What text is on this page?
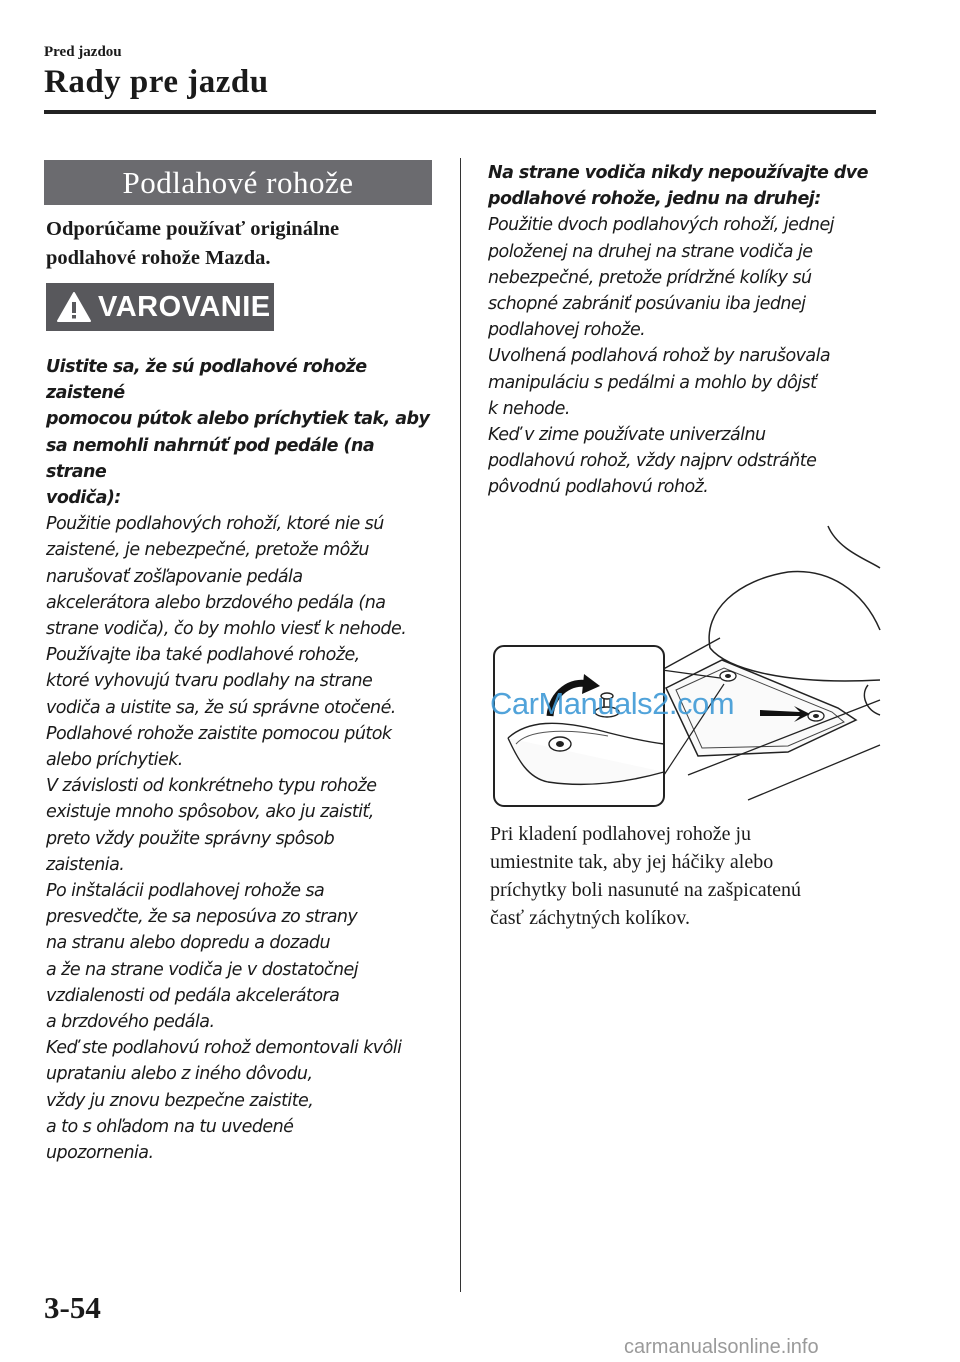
Pred jazdou
Rady pre jazdu
Podlahové rohože
Odporúčame používať originálne
podlahové rohože Mazda.
VAROVANIE

Uistite sa, že sú podlahové rohože zaistené

pomocou pútok alebo príchytiek tak, aby

sa nemohli nahrnúť pod pedále (na strane

vodiča):

Použitie podlahových rohoží, ktoré nie sú

zaistené, je nebezpečné, pretože môžu

narušovať zošľapovanie pedála

akcelerátora alebo brzdového pedála (na

strane vodiča), čo by mohlo viesť k nehode.

Používajte iba také podlahové rohože,

ktoré vyhovujú tvaru podlahy na strane

vodiča a uistite sa, že sú správne otočené.

Podlahové rohože zaistite pomocou pútok

alebo príchytiek.

V závislosti od konkrétneho typu rohože

existuje mnoho spôsobov, ako ju zaistiť,

preto vždy použite správny spôsob

zaistenia.

Po inštalácii podlahovej rohože sa

presvedčte, že sa neposúva zo strany

na stranu alebo dopredu a dozadu

a že na strane vodiča je v dostatočnej

vzdialenosti od pedála akcelerátora

a brzdového pedála.

Keď ste podlahovú rohož demontovali kvôli

uprataniu alebo z iného dôvodu,

vždy ju znovu bezpečne zaistite,

a to s ohľadom na tu uvedené

upozornenia.

Na strane vodiča nikdy nepoužívajte dve

podlahové rohože, jednu na druhej:

Použitie dvoch podlahových rohoží, jednej

položenej na druhej na strane vodiča je

nebezpečné, pretože prídržné kolíky sú

schopné zabrániť posúvaniu iba jednej

podlahovej rohože.

Uvoľnená podlahová rohož by narušovala

manipuláciu s pedálmi a mohlo by dôjsť

k nehode.

Keď v zime používate univerzálnu

podlahovú rohož, vždy najprv odstráňte

pôvodnú podlahovú rohož.

CarManuals2.com
Pri kladení podlahovej rohože ju
umiestnite tak, aby jej háčiky alebo
príchytky boli nasunuté na zašpicatenú
časť záchytných kolíkov.
3-54
carmanualsonline.info
